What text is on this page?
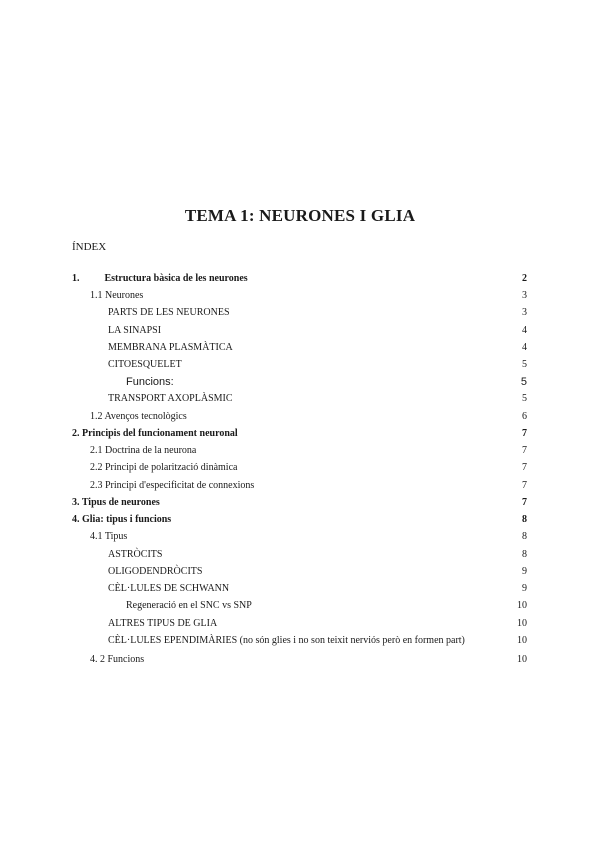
TEMA 1: NEURONES I GLIA
ÍNDEX
1.	Estructura bàsica de les neurones	2
1.1 Neurones	3
PARTS DE LES NEURONES	3
LA SINAPSI	4
MEMBRANA PLASMÀTICA	4
CITOESQUELET	5
Funcions:	5
TRANSPORT AXOPLÀSMIC	5
1.2 Avenços tecnològics	6
2. Principis del funcionament neuronal	7
2.1 Doctrina de la neurona	7
2.2 Principi de polarització dinàmica	7
2.3 Principi d'especificitat de connexions	7
3. Tipus de neurones	7
4. Glia: tipus i funcions	8
4.1 Tipus	8
ASTRÒCITS	8
OLIGODENDRÒCITS	9
CÈL·LULES DE SCHWANN	9
Regeneració en el SNC vs SNP	10
ALTRES TIPUS DE GLIA	10
CÈL·LULES EPENDIMÀRIES (no són glies i no son teixit nerviós però en formen part)	10
4. 2 Funcions	10
